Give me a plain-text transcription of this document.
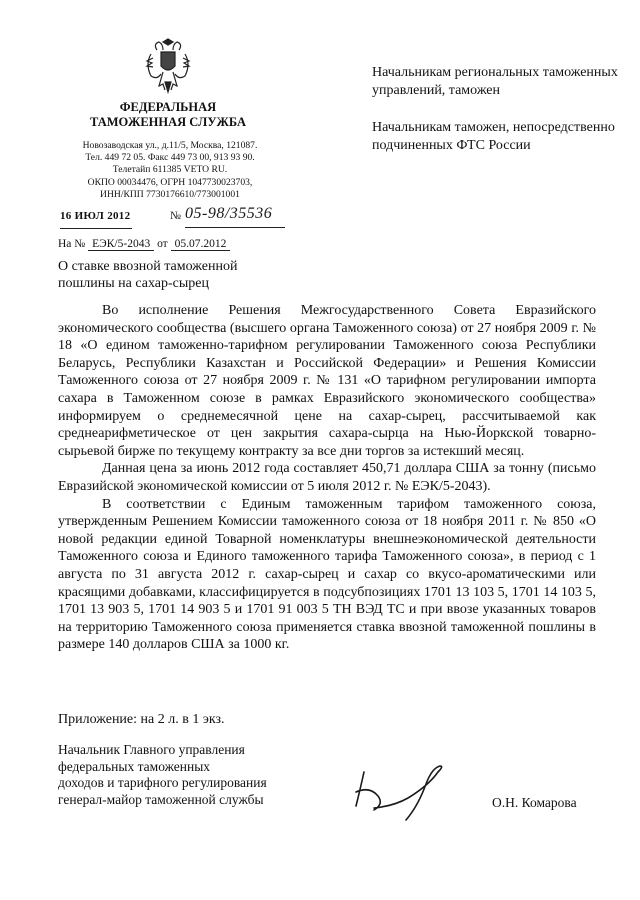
ФЕДЕРАЛЬНАЯ
ТАМОЖЕННАЯ СЛУЖБА
Новозаводская ул., д.11/5, Москва, 121087.
Тел. 449 72 05. Факс 449 73 00, 913 93 90.
Телетайп 611385 VETO RU.
ОКПО 00034476, ОГРН 1047730023703,
ИНН/КПП 7730176610/773001001
16 ИЮЛ 2012	№ 05-98/35536
На № ЕЭК/5-2043 от 05.07.2012
О ставке ввозной таможенной
пошлины на сахар-сырец

Начальникам региональных таможенных управлений, таможен

Начальникам таможен, непосредственно подчиненных ФТС России

Во исполнение Решения Межгосударственного Совета Евразийского экономического сообщества (высшего органа Таможенного союза) от 27 ноября 2009 г. № 18 «О едином таможенно-тарифном регулировании Таможенного союза Республики Беларусь, Республики Казахстан и Российской Федерации» и Решения Комиссии Таможенного союза от 27 ноября 2009 г. № 131 «О тарифном регулировании импорта сахара в Таможенном союзе в рамках Евразийского экономического сообщества» информируем о среднемесячной цене на сахар-сырец, рассчитываемой как среднеарифметическое от цен закрытия сахара-сырца на Нью-Йоркской товарно-сырьевой бирже по текущему контракту за все дни торгов за истекший месяц.

Данная цена за июнь 2012 года составляет 450,71 доллара США за тонну (письмо Евразийской экономической комиссии от 5 июля 2012 г. № ЕЭК/5-2043).

В соответствии с Единым таможенным тарифом таможенного союза, утвержденным Решением Комиссии таможенного союза от 18 ноября 2011 г. № 850 «О новой редакции единой Товарной номенклатуры внешнеэкономической деятельности Таможенного союза и Единого таможенного тарифа Таможенного союза», в период с 1 августа по 31 августа 2012 г. сахар-сырец и сахар со вкусо-ароматическими или красящими добавками, классифицируется в подсубпозициях 1701 13 103 5, 1701 14 103 5, 1701 13 903 5, 1701 14 903 5 и 1701 91 003 5 ТН ВЭД ТС и при ввозе указанных товаров на территорию Таможенного союза применяется ставка ввозной таможенной пошлины в размере 140 долларов США за 1000 кг.

Приложение: на 2 л. в 1 экз.
Начальник Главного управления
федеральных таможенных
доходов и тарифного регулирования
генерал-майор таможенной службы	О.Н. Комарова
